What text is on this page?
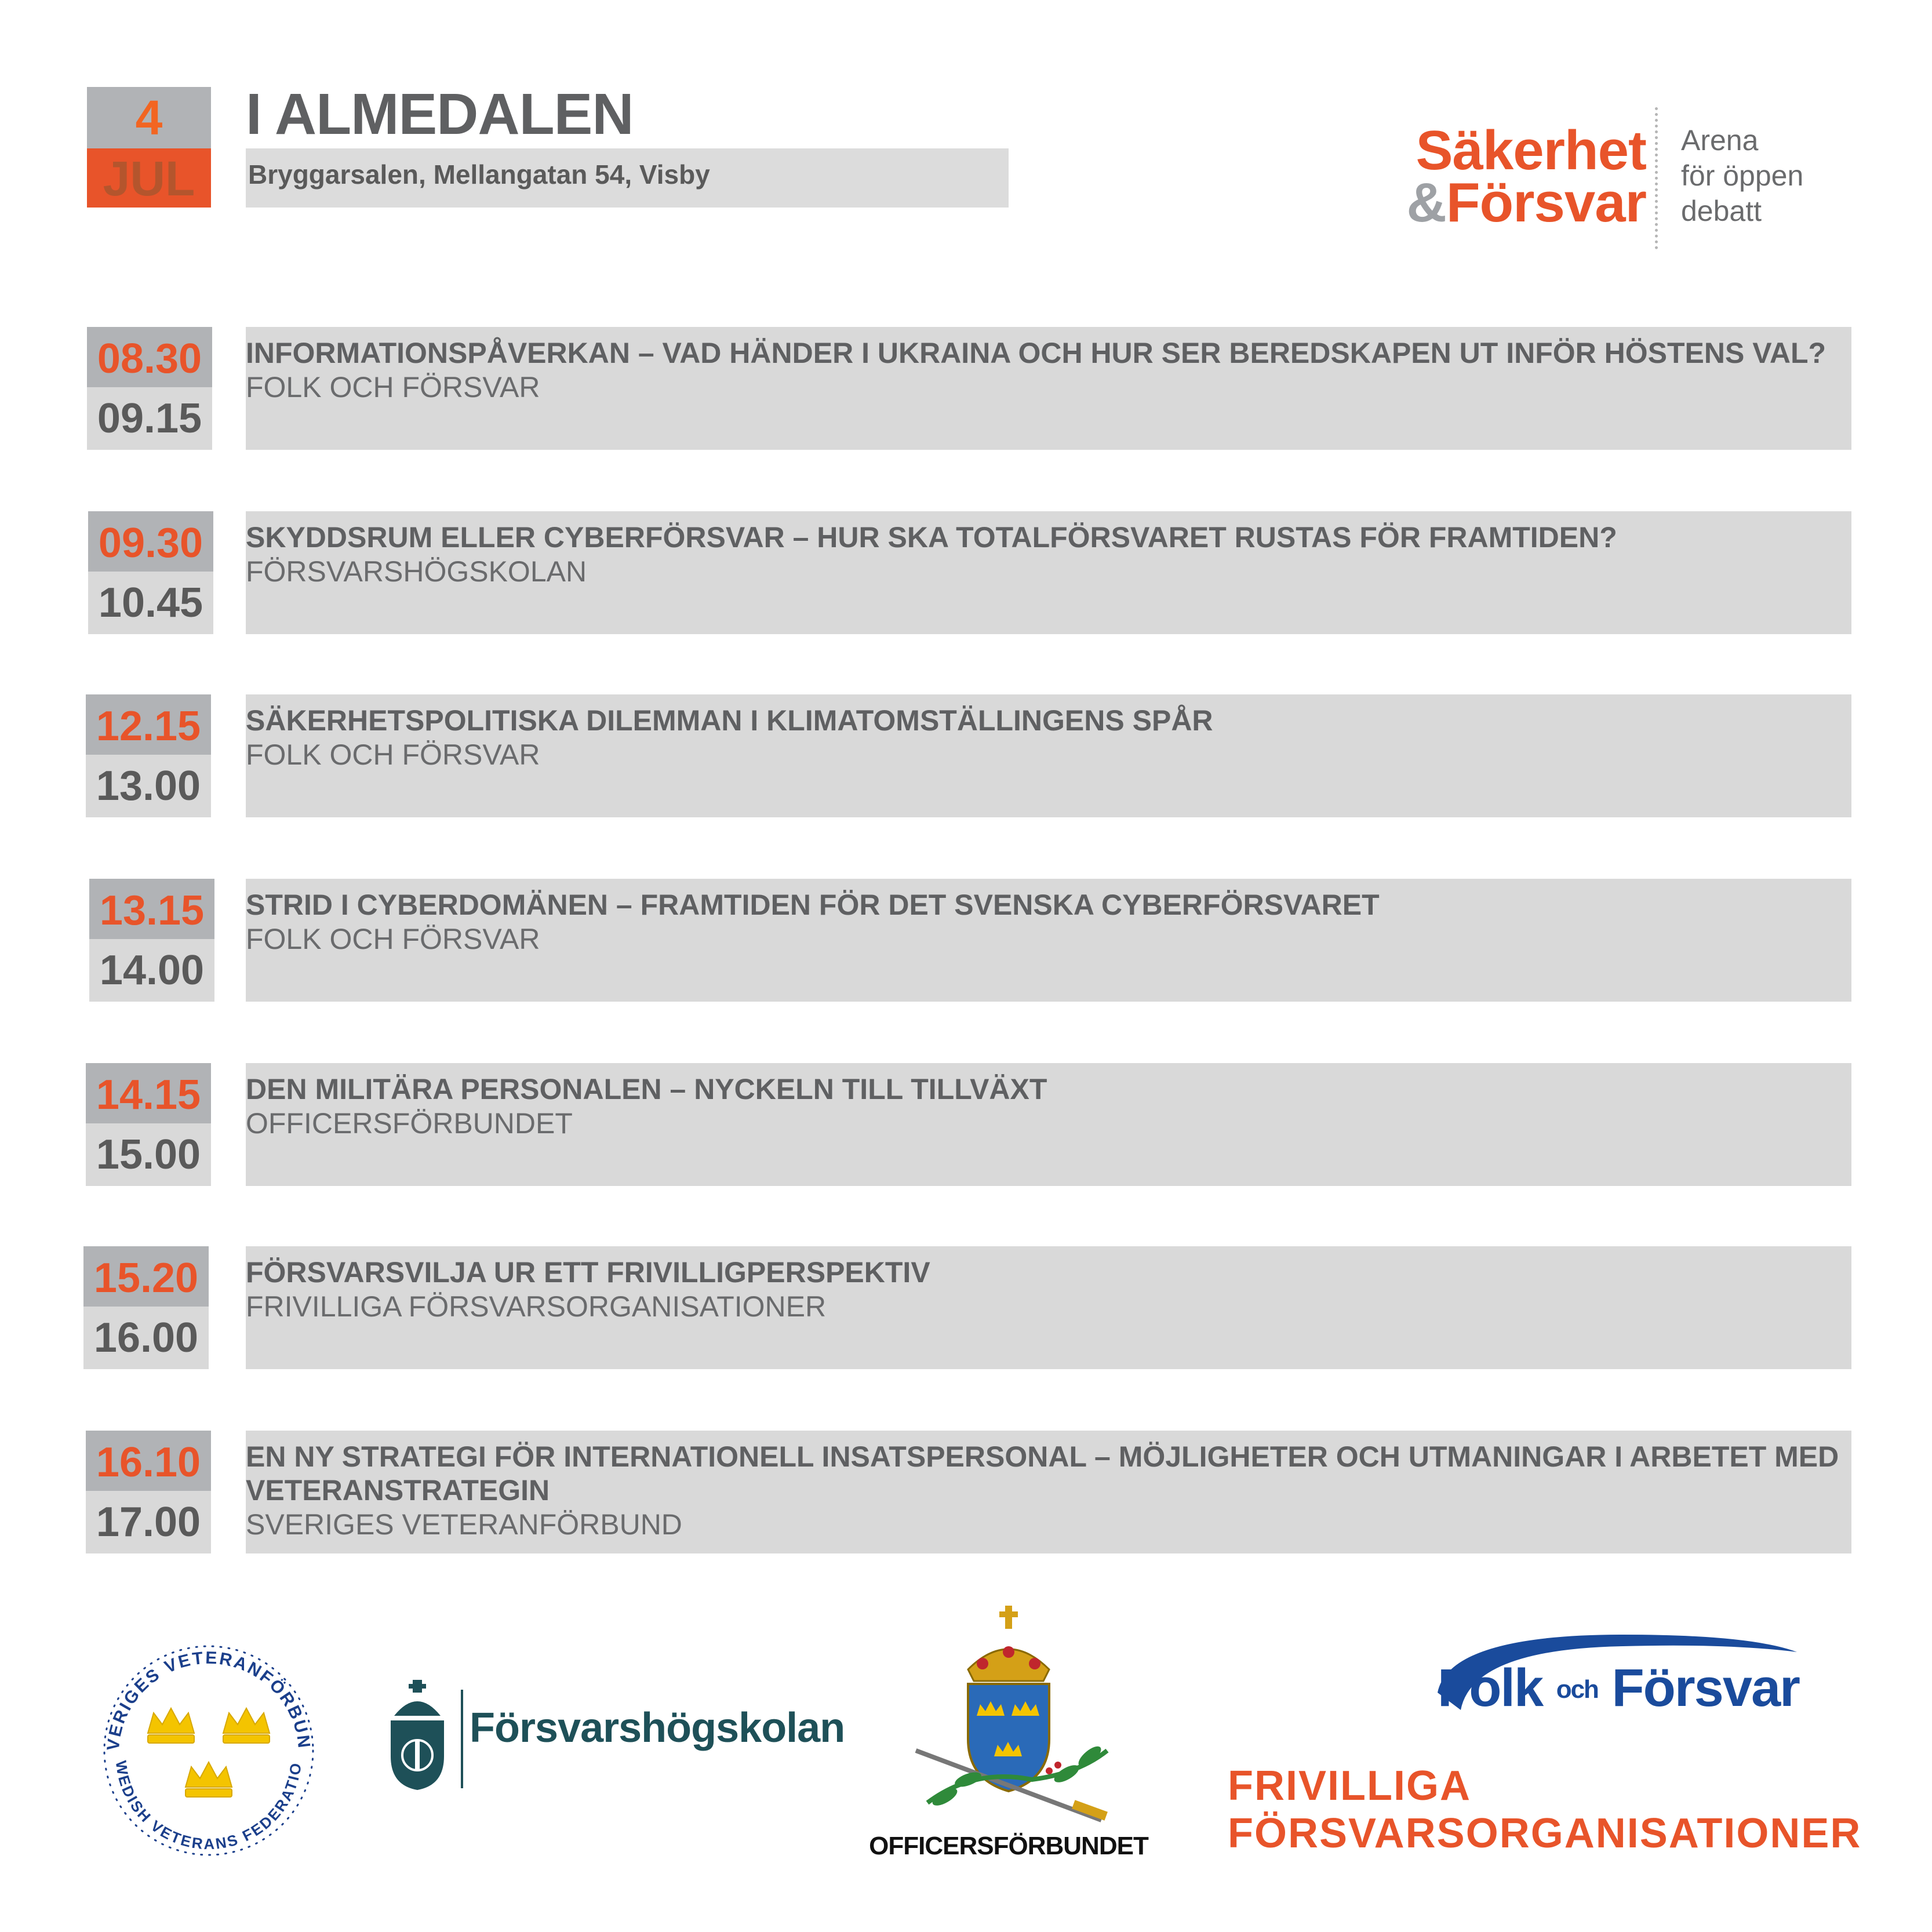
4
JUL
I ALMEDALEN
Bryggarsalen, Mellangatan 54, Visby	Säkerhet
&Försvar
Arena
för öppen
debatt
08.30
09.15
INFORMATIONSPÅVERKAN – VAD HÄNDER I UKRAINA OCH HUR SER BEREDSKAPEN UT INFÖR HÖSTENS VAL?
FOLK OCH FÖRSVAR
09.30
10.45
SKYDDSRUM ELLER CYBERFÖRSVAR – HUR SKA TOTALFÖRSVARET RUSTAS FÖR FRAMTIDEN?
FÖRSVARSHÖGSKOLAN
12.15
13.00
SÄKERHETSPOLITISKA DILEMMAN I KLIMATOMSTÄLLINGENS SPÅR
FOLK OCH FÖRSVAR
13.15
14.00
STRID I CYBERDOMÄNEN – FRAMTIDEN FÖR DET SVENSKA CYBERFÖRSVARET
FOLK OCH FÖRSVAR
14.15
15.00
DEN MILITÄRA PERSONALEN – NYCKELN TILL TILLVÄXT
OFFICERSFÖRBUNDET
15.20
16.00
FÖRSVARSVILJA UR ETT FRIVILLIGPERSPEKTIV
FRIVILLIGA FÖRSVARSORGANISATIONER
16.10
17.00
EN NY STRATEGI FÖR INTERNATIONELL INSATSPERSONAL – MÖJLIGHETER OCH UTMANINGAR I ARBETET MED VETERANSTRATEGIN
SVERIGES VETERANFÖRBUND
VERIGES VETERANFÖRBUN
WEDISH VETERANS FEDERATIO
Försvarshögskolan
OFFICERSFÖRBUNDET
Folk och Försvar
FRIVILLIGA
FÖRSVARSORGANISATIONER
